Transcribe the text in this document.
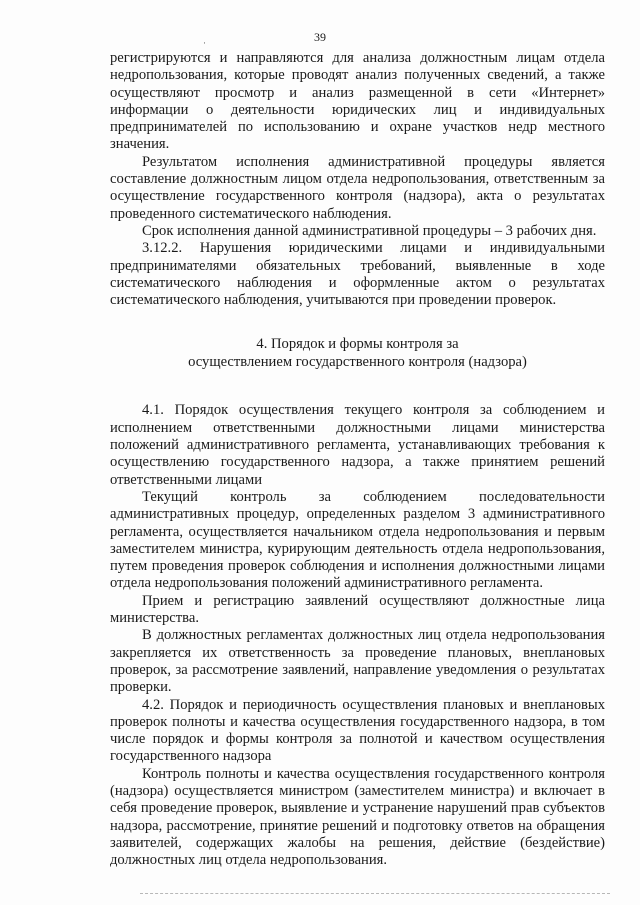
39
·

регистрируются и направляются для анализа должностным лицам отдела недропользования, которые проводят анализ полученных сведений, а также осуществляют просмотр и анализ размещенной в сети «Интернет» информации о деятельности юридических лиц и индивидуальных предпринимателей по использованию и охране участков недр местного значения.

Результатом исполнения административной процедуры является составление должностным лицом отдела недропользования, ответственным за осуществление государственного контроля (надзора), акта о результатах проведенного систематического наблюдения.

Срок исполнения данной административной процедуры – 3 рабочих дня.

3.12.2. Нарушения юридическими лицами и индивидуальными предпринимателями обязательных требований, выявленные в ходе систематического наблюдения и оформленные актом о результатах систематического наблюдения, учитываются при проведении проверок.

4. Порядок и формы контроля за
осуществлением государственного контроля (надзора)

4.1. Порядок осуществления текущего контроля за соблюдением и исполнением ответственными должностными лицами министерства положений административного регламента, устанавливающих требования к осуществлению государственного надзора, а также принятием решений ответственными лицами

Текущий контроль за соблюдением последовательности административных процедур, определенных разделом 3 административного регламента, осуществляется начальником отдела недропользования и первым заместителем министра, курирующим деятельность отдела недропользования, путем проведения проверок соблюдения и исполнения должностными лицами отдела недропользования положений административного регламента.

Прием и регистрацию заявлений осуществляют должностные лица министерства.

В должностных регламентах должностных лиц отдела недропользования закрепляется их ответственность за проведение плановых, внеплановых проверок, за рассмотрение заявлений, направление уведомления о результатах проверки.

4.2. Порядок и периодичность осуществления плановых и внеплановых проверок полноты и качества осуществления государственного надзора, в том числе порядок и формы контроля за полнотой и качеством осуществления государственного надзора

Контроль полноты и качества осуществления государственного контроля (надзора) осуществляется министром (заместителем министра) и включает в себя проведение проверок, выявление и устранение нарушений прав субъектов надзора, рассмотрение, принятие решений и подготовку ответов на обращения заявителей, содержащих жалобы на решения, действие (бездействие) должностных лиц отдела недропользования.
